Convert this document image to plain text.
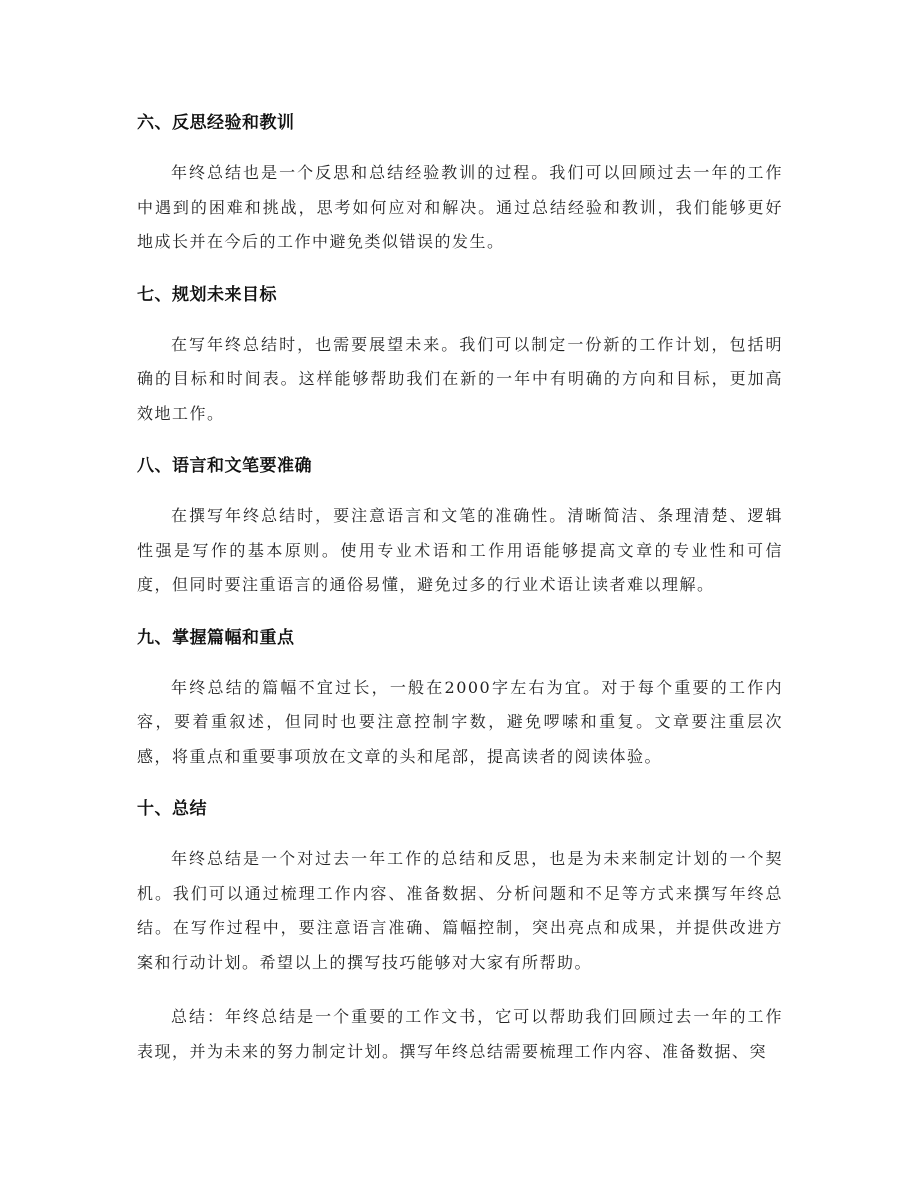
六、反思经验和教训

年终总结也是一个反思和总结经验教训的过程。我们可以回顾过去一年的工作中遇到的困难和挑战，思考如何应对和解决。通过总结经验和教训，我们能够更好地成长并在今后的工作中避免类似错误的发生。

七、规划未来目标

在写年终总结时，也需要展望未来。我们可以制定一份新的工作计划，包括明确的目标和时间表。这样能够帮助我们在新的一年中有明确的方向和目标，更加高效地工作。

八、语言和文笔要准确

在撰写年终总结时，要注意语言和文笔的准确性。清晰简洁、条理清楚、逻辑性强是写作的基本原则。使用专业术语和工作用语能够提高文章的专业性和可信度，但同时要注重语言的通俗易懂，避免过多的行业术语让读者难以理解。

九、掌握篇幅和重点

年终总结的篇幅不宜过长，一般在2000字左右为宜。对于每个重要的工作内容，要着重叙述，但同时也要注意控制字数，避免啰嗦和重复。文章要注重层次感，将重点和重要事项放在文章的头和尾部，提高读者的阅读体验。

十、总结

年终总结是一个对过去一年工作的总结和反思，也是为未来制定计划的一个契机。我们可以通过梳理工作内容、准备数据、分析问题和不足等方式来撰写年终总结。在写作过程中，要注意语言准确、篇幅控制，突出亮点和成果，并提供改进方案和行动计划。希望以上的撰写技巧能够对大家有所帮助。

总结：年终总结是一个重要的工作文书，它可以帮助我们回顾过去一年的工作表现，并为未来的努力制定计划。撰写年终总结需要梳理工作内容、准备数据、突
